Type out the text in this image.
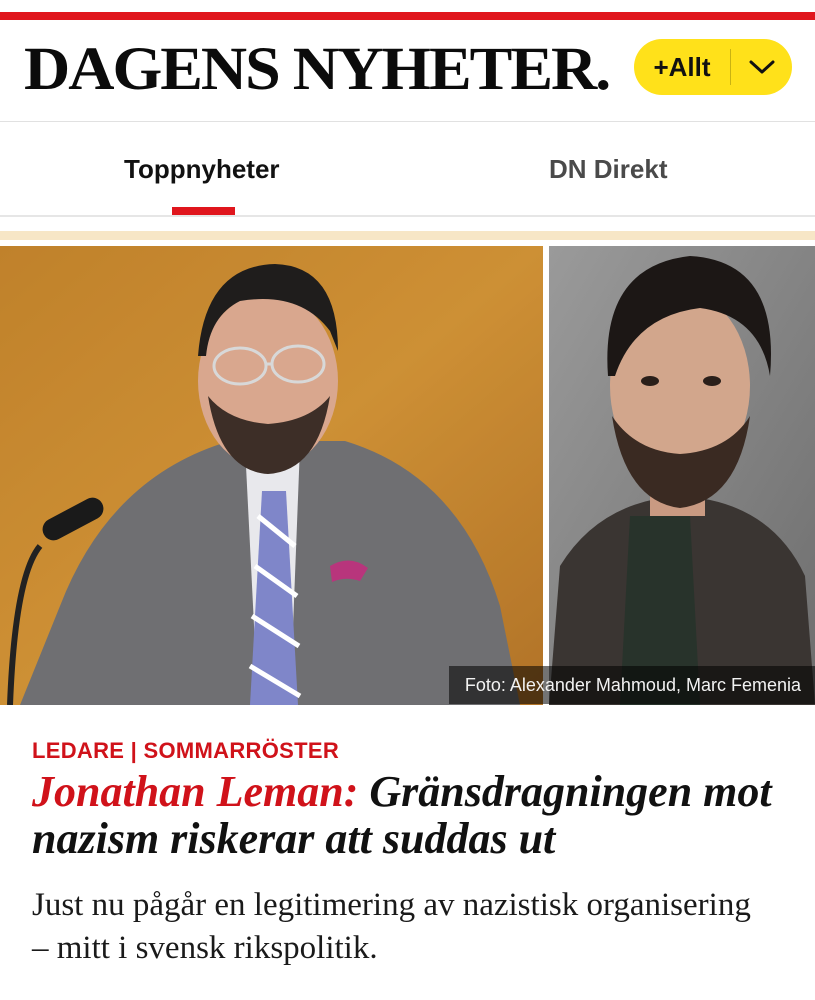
DAGENS NYHETER.	+Allt
Toppnyheter	DN Direkt
Foto: Alexander Mahmoud, Marc Femenia
LEDARE | SOMMARRÖSTER
Jonathan Leman: Gränsdragningen mot nazism riskerar att suddas ut

Just nu pågår en legitimering av nazistisk organisering – mitt i svensk rikspolitik.
